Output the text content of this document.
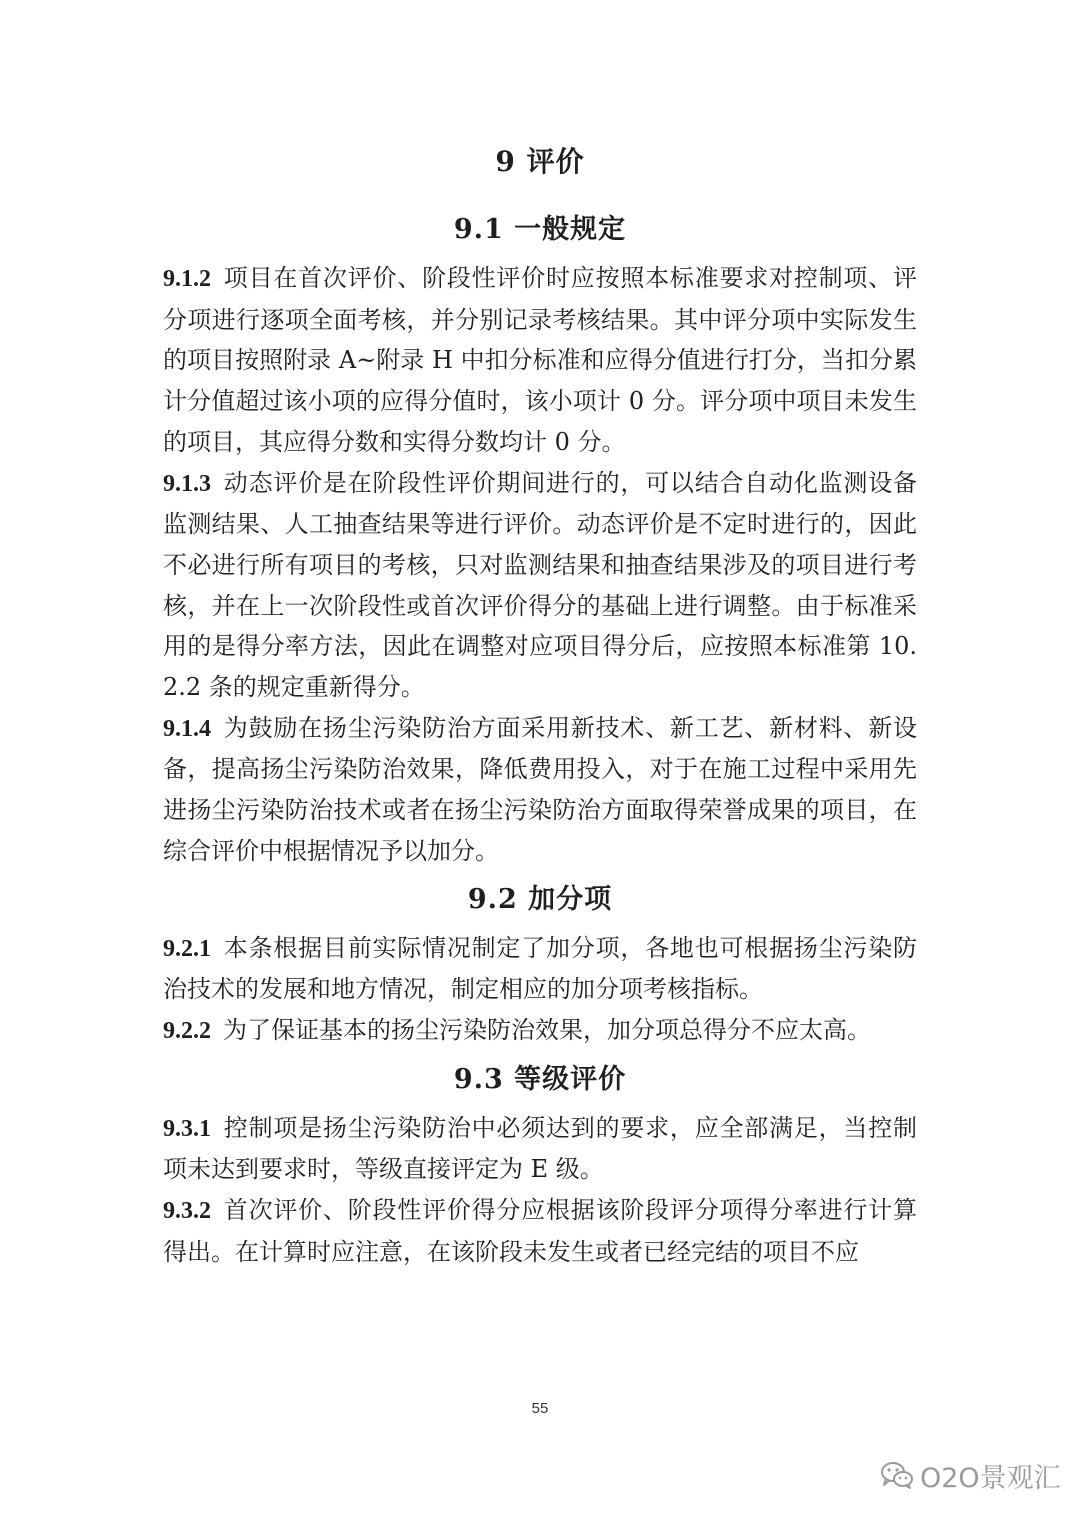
9 评价
9.1 一般规定

9.1.2 项目在首次评价、阶段性评价时应按照本标准要求对控制项、评分项进行逐项全面考核，并分别记录考核结果。其中评分项中实际发生的项目按照附录 A~附录 H 中扣分标准和应得分值进行打分，当扣分累计分值超过该小项的应得分值时，该小项计 0 分。评分项中项目未发生的项目，其应得分数和实得分数均计 0 分。

9.1.3 动态评价是在阶段性评价期间进行的，可以结合自动化监测设备监测结果、人工抽查结果等进行评价。动态评价是不定时进行的，因此不必进行所有项目的考核，只对监测结果和抽查结果涉及的项目进行考核，并在上一次阶段性或首次评价得分的基础上进行调整。由于标准采用的是得分率方法，因此在调整对应项目得分后，应按照本标准第 10.2.2 条的规定重新得分。

9.1.4 为鼓励在扬尘污染防治方面采用新技术、新工艺、新材料、新设备，提高扬尘污染防治效果，降低费用投入，对于在施工过程中采用先进扬尘污染防治技术或者在扬尘污染防治方面取得荣誉成果的项目，在综合评价中根据情况予以加分。

9.2 加分项

9.2.1 本条根据目前实际情况制定了加分项，各地也可根据扬尘污染防治技术的发展和地方情况，制定相应的加分项考核指标。

9.2.2 为了保证基本的扬尘污染防治效果，加分项总得分不应太高。

9.3 等级评价

9.3.1 控制项是扬尘污染防治中必须达到的要求，应全部满足，当控制项未达到要求时，等级直接评定为 E 级。

9.3.2 首次评价、阶段性评价得分应根据该阶段评分项得分率进行计算得出。在计算时应注意，在该阶段未发生或者已经完结的项目不应

55
O2O景观汇
